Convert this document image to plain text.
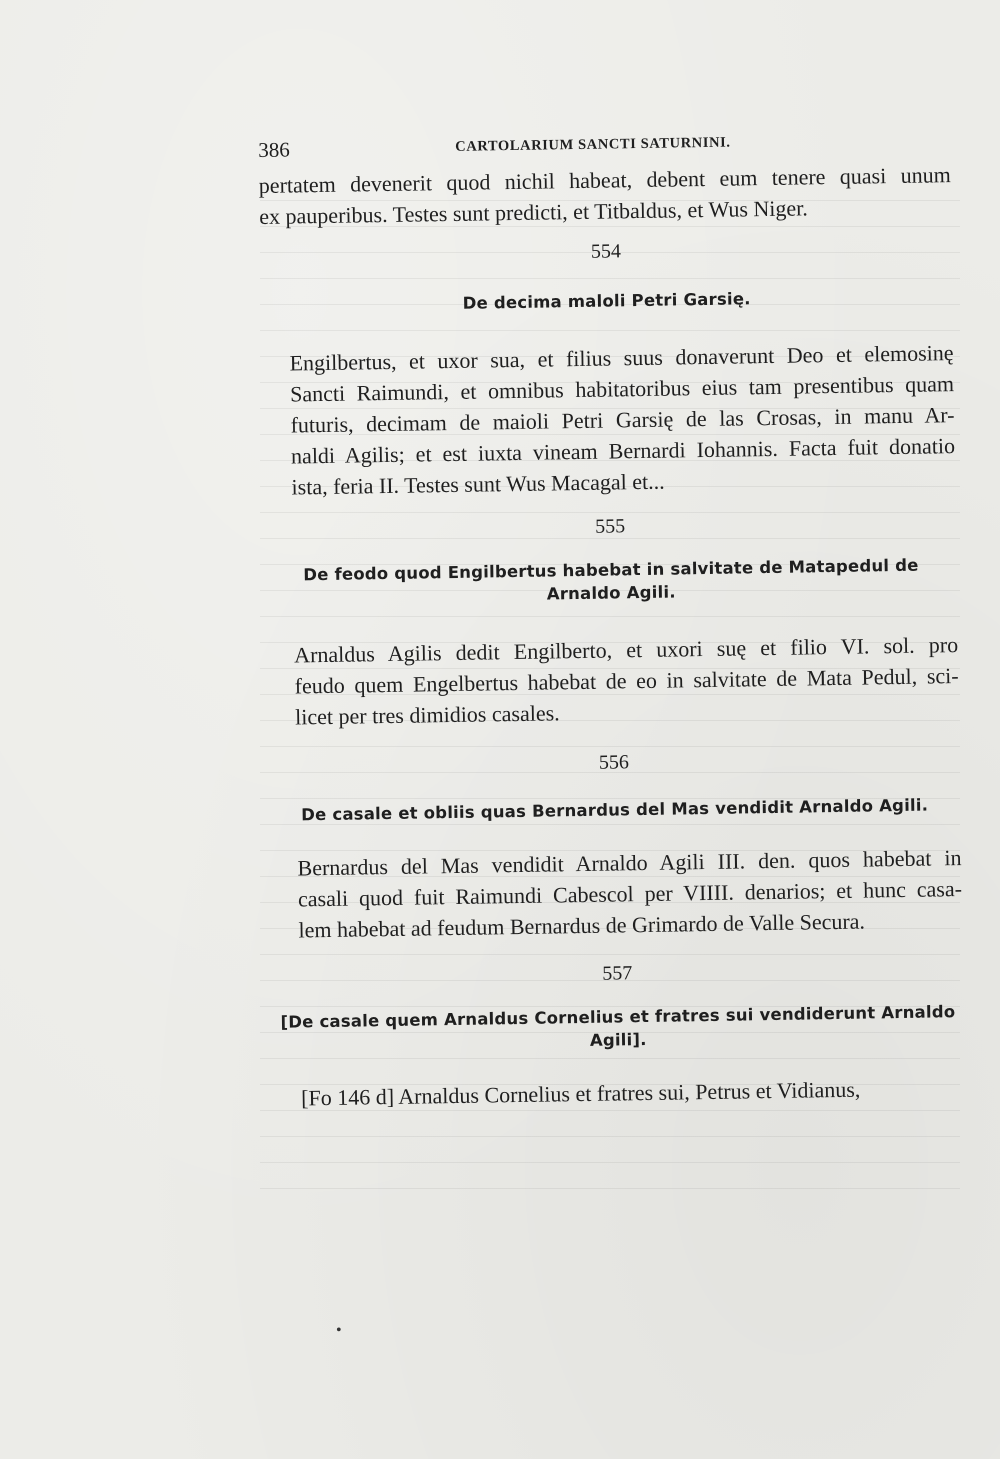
386	CARTOLARIUM SANCTI SATURNINI.

pertatem devenerit quod nichil habeat, debent eum tenere quasi unum
ex pauperibus. Testes sunt predicti, et Titbaldus, et Wus Niger.

554

De decima maloli Petri Garsię.

Engilbertus, et uxor sua, et filius suus donaverunt Deo et elemosinę
Sancti Raimundi, et omnibus habitatoribus eius tam presentibus quam
futuris, decimam de maioli Petri Garsię de las Crosas, in manu Ar-
naldi Agilis; et est iuxta vineam Bernardi Iohannis. Facta fuit donatio
ista, feria II. Testes sunt Wus Macagal et...

555

De feodo quod Engilbertus habebat in salvitate de Matapedul de
Arnaldo Agili.

Arnaldus Agilis dedit Engilberto, et uxori suę et filio VI. sol. pro
feudo quem Engelbertus habebat de eo in salvitate de Mata Pedul, sci-
licet per tres dimidios casales.

556

De casale et obliis quas Bernardus del Mas vendidit Arnaldo Agili.

Bernardus del Mas vendidit Arnaldo Agili III. den. quos habebat in
casali quod fuit Raimundi Cabescol per VIIII. denarios; et hunc casa-
lem habebat ad feudum Bernardus de Grimardo de Valle Secura.

557

[De casale quem Arnaldus Cornelius et fratres sui vendiderunt Arnaldo
Agili].

[Fo 146 d] Arnaldus Cornelius et fratres sui, Petrus et Vidianus,

•
